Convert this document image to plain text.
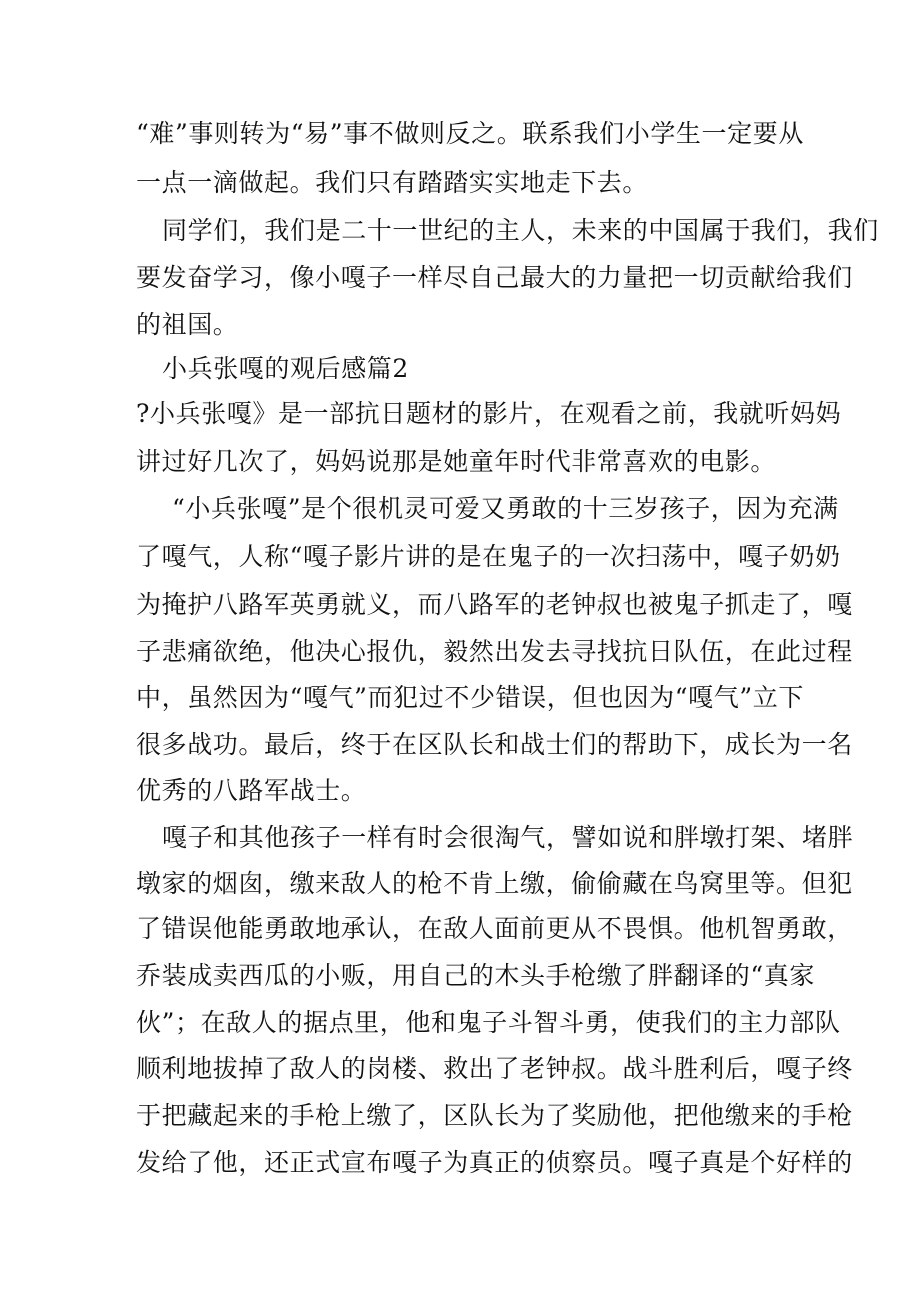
“难”事则转为“易”事不做则反之。联系我们小学生一定要从
一点一滴做起。我们只有踏踏实实地走下去。
同学们，我们是二十一世纪的主人，未来的中国属于我们，我们
要发奋学习，像小嘎子一样尽自己最大的力量把一切贡献给我们
的祖国。
小兵张嘎的观后感篇2
?小兵张嘎》是一部抗日题材的影片，在观看之前，我就听妈妈
讲过好几次了，妈妈说那是她童年时代非常喜欢的电影。
“小兵张嘎”是个很机灵可爱又勇敢的十三岁孩子，因为充满
了嘎气，人称“嘎子影片讲的是在鬼子的一次扫荡中，嘎子奶奶
为掩护八路军英勇就义，而八路军的老钟叔也被鬼子抓走了，嘎
子悲痛欲绝，他决心报仇，毅然出发去寻找抗日队伍，在此过程
中，虽然因为“嘎气”而犯过不少错误，但也因为“嘎气”立下
很多战功。最后，终于在区队长和战士们的帮助下，成长为一名
优秀的八路军战士。
嘎子和其他孩子一样有时会很淘气，譬如说和胖墩打架、堵胖
墩家的烟囱，缴来敌人的枪不肯上缴，偷偷藏在鸟窝里等。但犯
了错误他能勇敢地承认，在敌人面前更从不畏惧。他机智勇敢，
乔装成卖西瓜的小贩，用自己的木头手枪缴了胖翻译的“真家
伙”；在敌人的据点里，他和鬼子斗智斗勇，使我们的主力部队
顺利地拔掉了敌人的岗楼、救出了老钟叔。战斗胜利后，嘎子终
于把藏起来的手枪上缴了，区队长为了奖励他，把他缴来的手枪
发给了他，还正式宣布嘎子为真正的侦察员。嘎子真是个好样的
